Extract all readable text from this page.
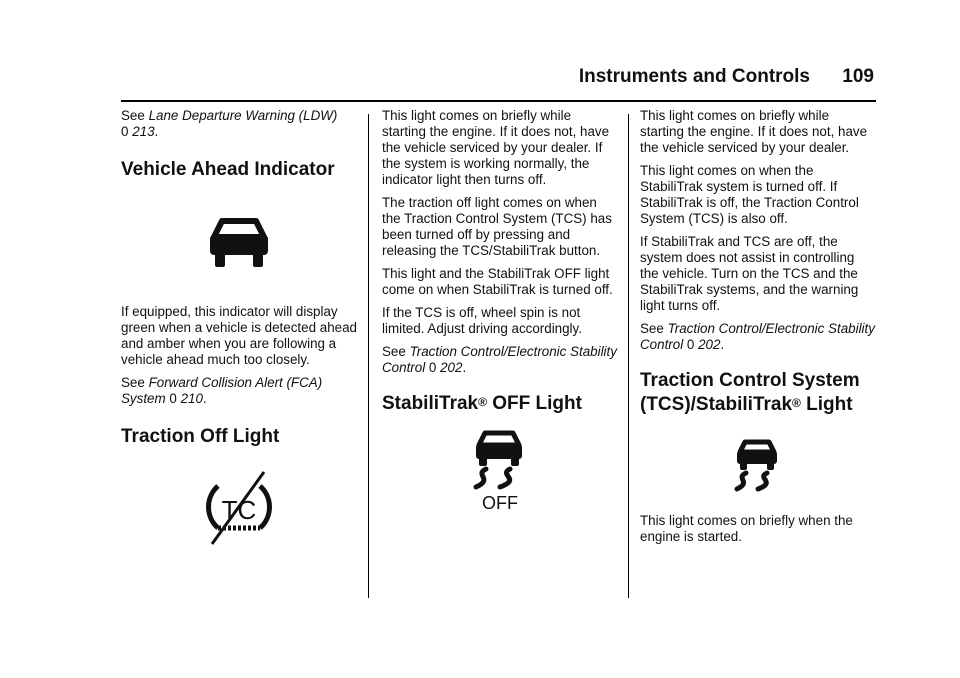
Instruments and Controls 109

See Lane Departure Warning (LDW)
0 213.

Vehicle Ahead Indicator

If equipped, this indicator will display green when a vehicle is detected ahead and amber when you are following a vehicle ahead much too closely.

See Forward Collision Alert (FCA) System 0 210.

Traction Off Light
TC

This light comes on briefly while starting the engine. If it does not, have the vehicle serviced by your dealer. If the system is working normally, the indicator light then turns off.

The traction off light comes on when the Traction Control System (TCS) has been turned off by pressing and releasing the TCS/StabiliTrak button.

This light and the StabiliTrak OFF light come on when StabiliTrak is turned off.

If the TCS is off, wheel spin is not limited. Adjust driving accordingly.

See Traction Control/Electronic Stability Control 0 202.

StabiliTrak® OFF Light
OFF

This light comes on briefly while starting the engine. If it does not, have the vehicle serviced by your dealer.

This light comes on when the StabiliTrak system is turned off. If StabiliTrak is off, the Traction Control System (TCS) is also off.

If StabiliTrak and TCS are off, the system does not assist in controlling the vehicle. Turn on the TCS and the StabiliTrak systems, and the warning light turns off.

See Traction Control/Electronic Stability Control 0 202.

Traction Control System
(TCS)/StabiliTrak® Light

This light comes on briefly when the engine is started.
